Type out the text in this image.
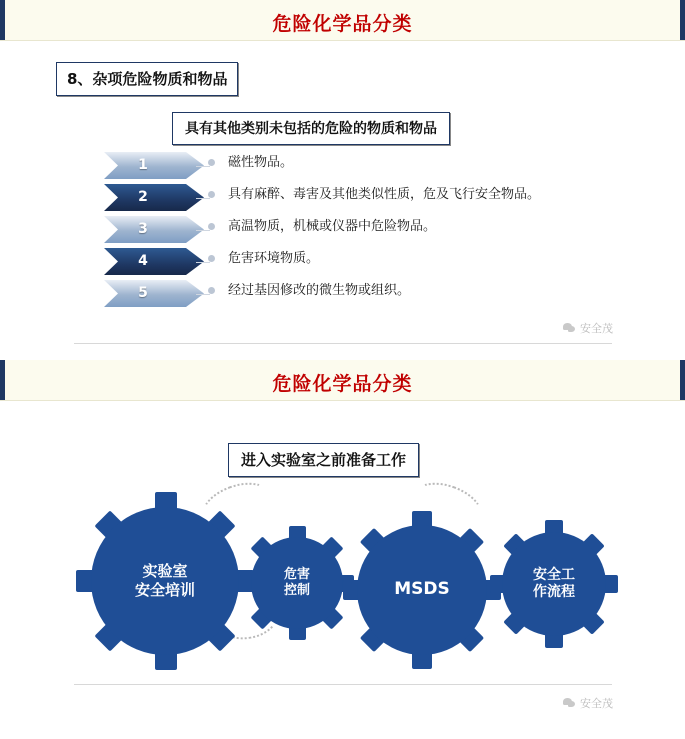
危险化学品分类
8、杂项危险物质和物品
具有其他类别未包括的危险的物质和物品
1
2
3
4
5
磁性物品。
具有麻醉、毒害及其他类似性质，危及飞行安全物品。
高温物质，机械或仪器中危险物品。
危害环境物质。
经过基因修改的微生物或组织。
安全茂
危险化学品分类
进入实验室之前准备工作
实验室
安全培训
危害
控制	MSDS
安全工
作流程
安全茂
